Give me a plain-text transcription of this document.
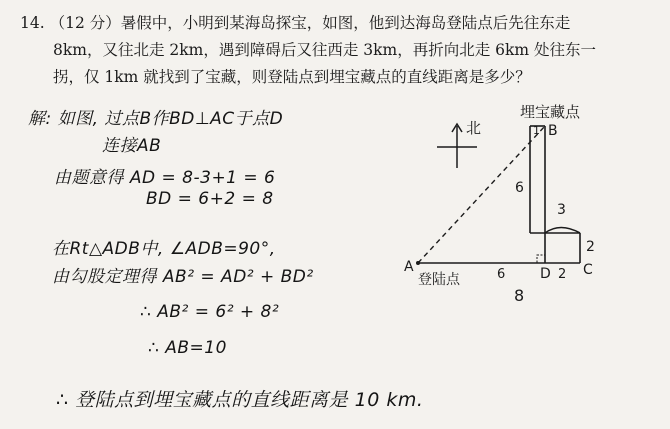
14. （12 分）暑假中，小明到某海岛探宝，如图，他到达海岛登陆点后先往东走
8km，又往北走 2km，遇到障碍后又往西走 3km，再折向北走 6km 处往东一
拐，仅 1km 就找到了宝藏，则登陆点到埋宝藏点的直线距离是多少？
解: 如图, 过点B作BD⊥AC于点D
连接AB
由题意得 AD = 8-3+1 = 6
BD = 6+2 = 8
在Rt△ADB中, ∠ADB=90°,
由勾股定理得 AB² = AD² + BD²
∴ AB² = 6² + 8²
∴ AB=10
∴ 登陆点到埋宝藏点的直线距离是 10 km.
北
埋宝藏点
A
B
C
D
1
6
3
2
6	2
8
登陆点
